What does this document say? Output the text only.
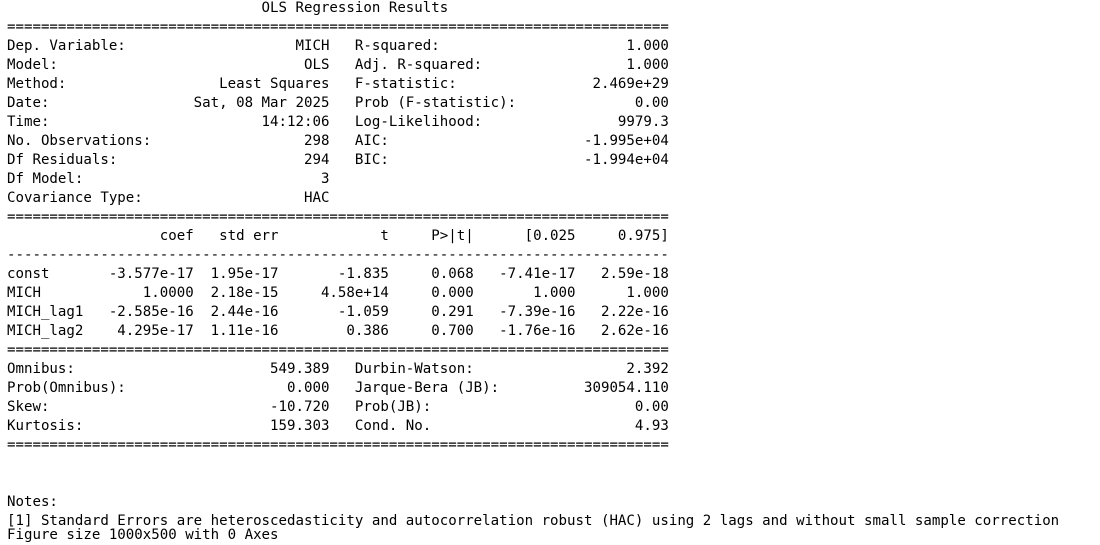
OLS Regression Results
==============================================================================
Dep. Variable:                    MICH   R-squared:                      1.000
Model:                             OLS   Adj. R-squared:                 1.000
Method:                  Least Squares   F-statistic:                2.469e+29
Date:                 Sat, 08 Mar 2025   Prob (F-statistic):              0.00
Time:                         14:12:06   Log-Likelihood:                9979.3
No. Observations:                  298   AIC:                       -1.995e+04
Df Residuals:                      294   BIC:                       -1.994e+04
Df Model:                            3
Covariance Type:                   HAC
==============================================================================
coef   std err            t     P>|t|      [0.025     0.975]
------------------------------------------------------------------------------
const       -3.577e-17  1.95e-17       -1.835     0.068   -7.41e-17   2.59e-18
MICH            1.0000  2.18e-15     4.58e+14     0.000       1.000      1.000
MICH_lag1   -2.585e-16  2.44e-16       -1.059     0.291   -7.39e-16   2.22e-16
MICH_lag2    4.295e-17  1.11e-16        0.386     0.700   -1.76e-16   2.62e-16
==============================================================================
Omnibus:                       549.389   Durbin-Watson:                  2.392
Prob(Omnibus):                   0.000   Jarque-Bera (JB):          309054.110
Skew:                          -10.720   Prob(JB):                        0.00
Kurtosis:                      159.303   Cond. No.                        4.93
==============================================================================
Notes:
[1] Standard Errors are heteroscedasticity and autocorrelation robust (HAC) using 2 lags and without small sample correction
Figure size 1000x500 with 0 Axes
